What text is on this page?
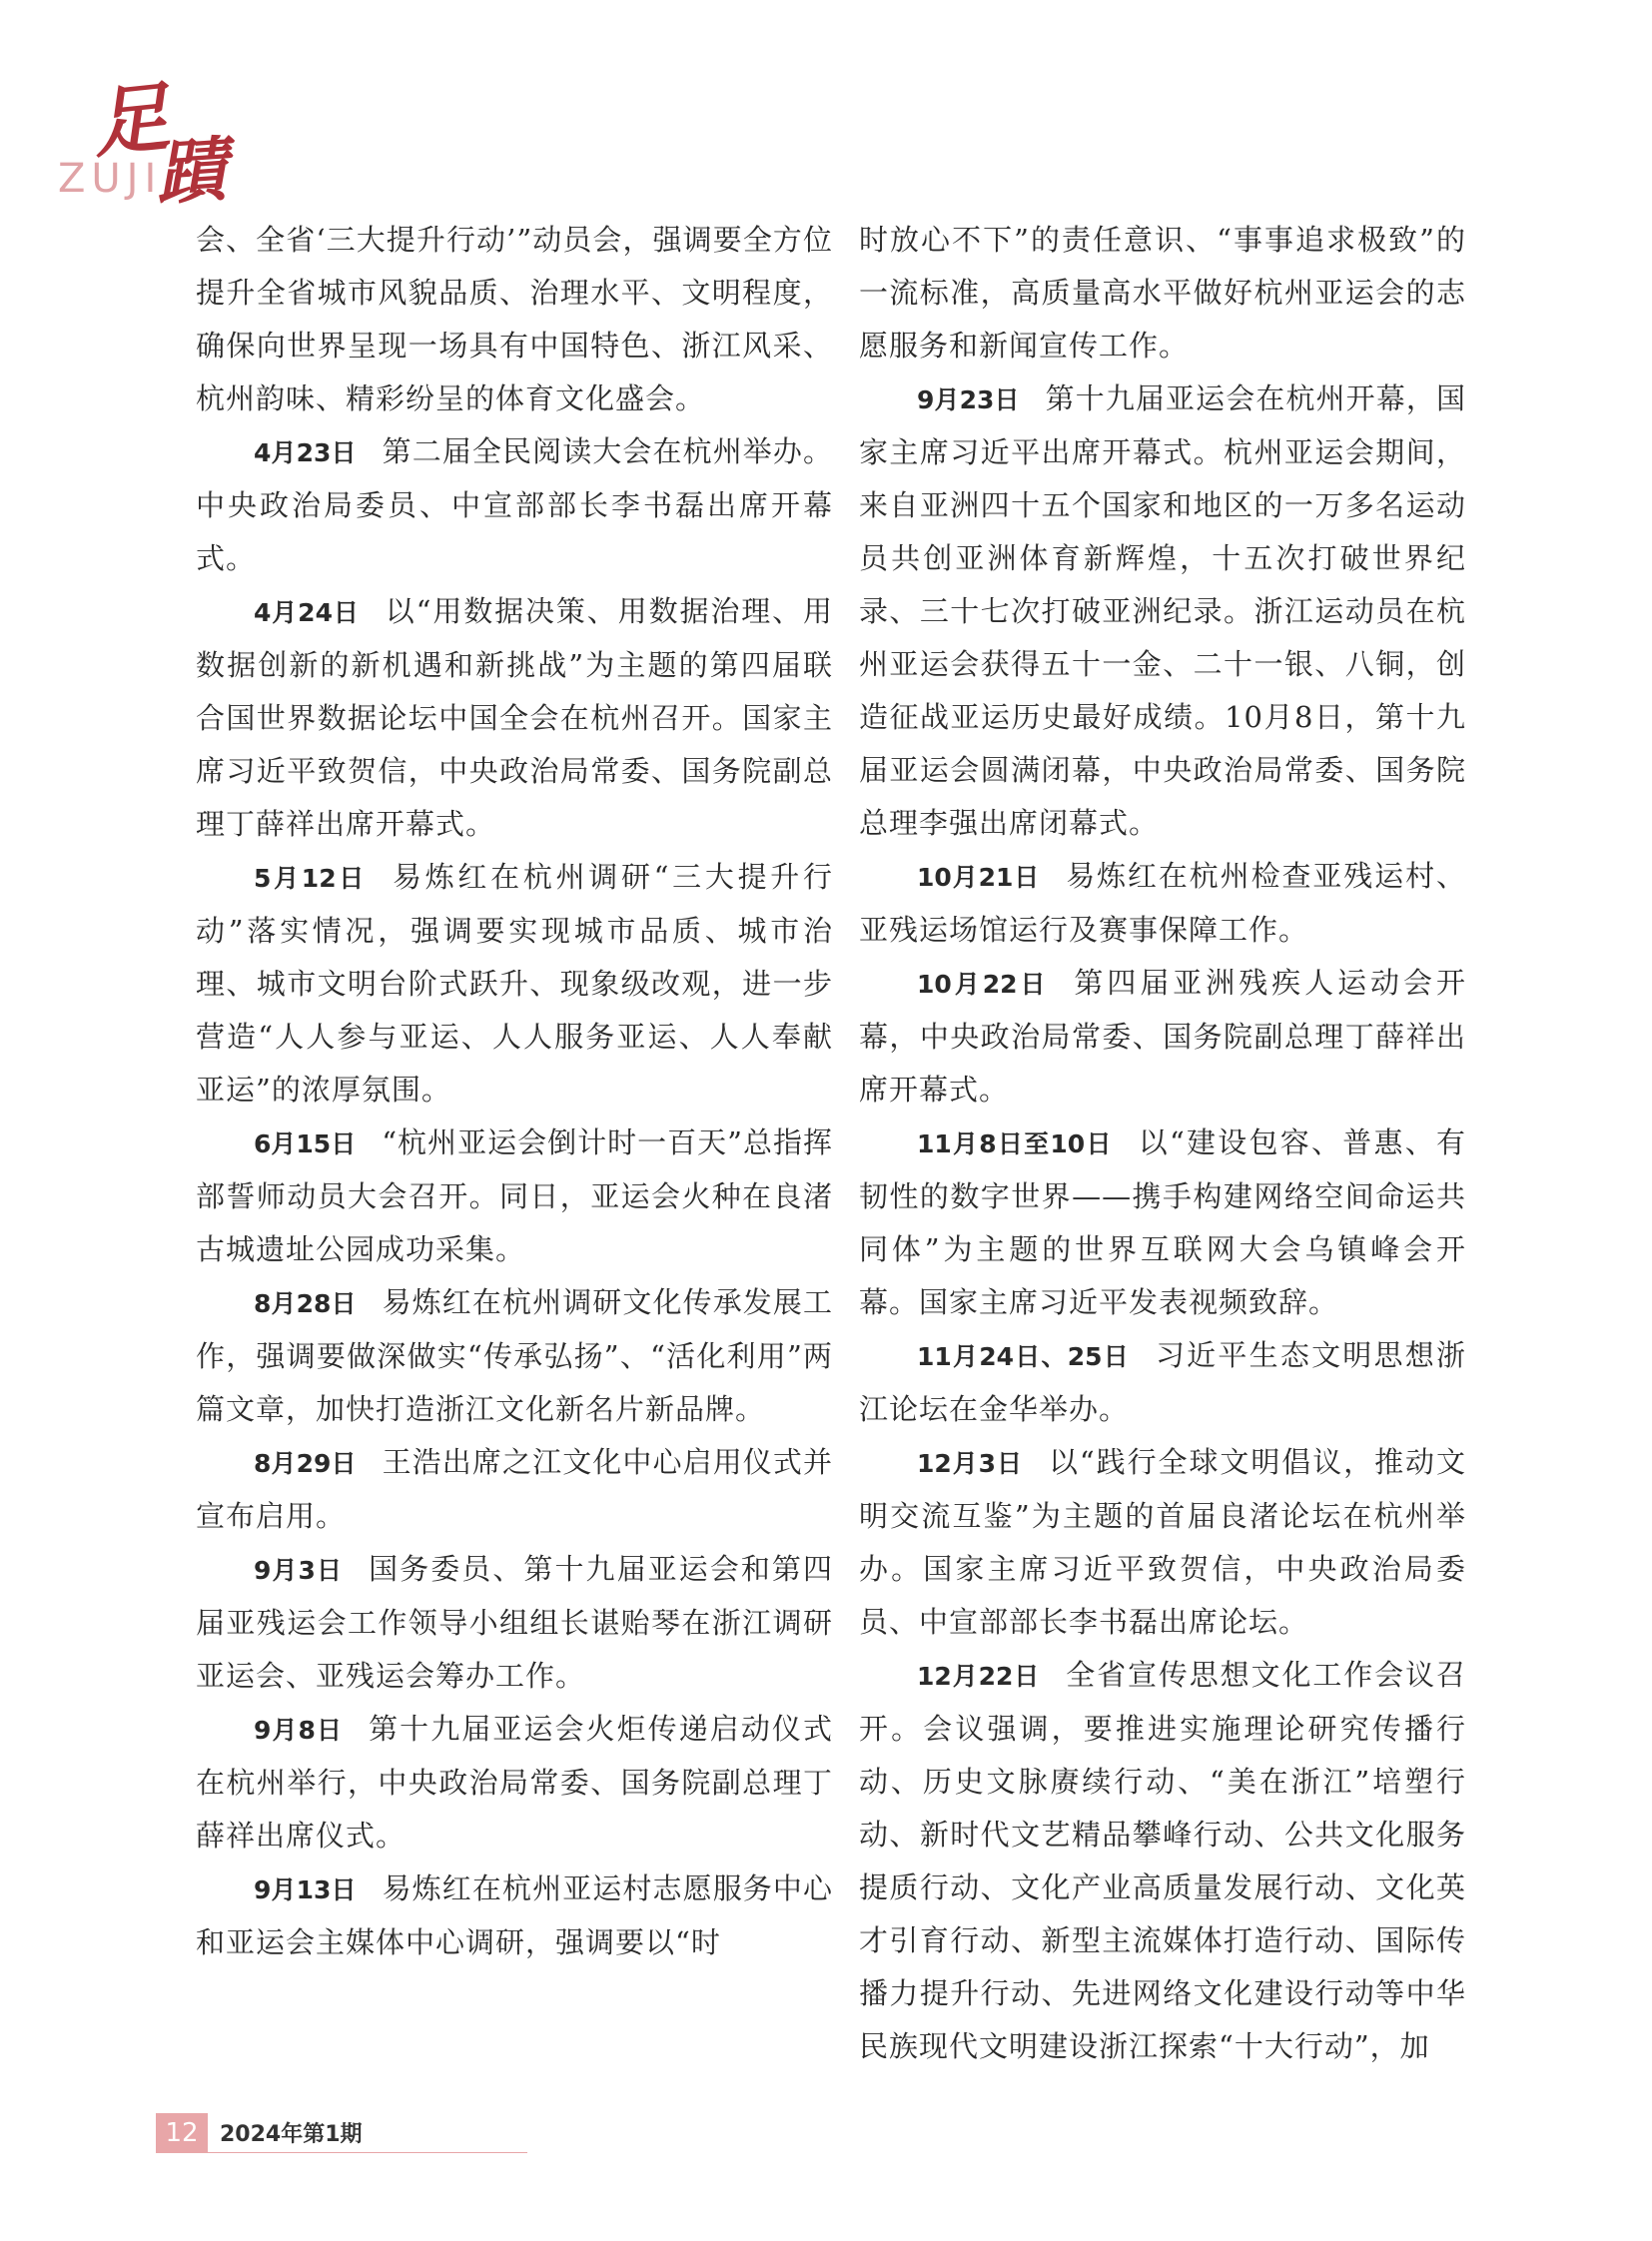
足
蹟
ZUJI

会、全省‘三大提升行动’”动员会，强调要全方位提升全省城市风貌品质、治理水平、文明程度，确保向世界呈现一场具有中国特色、浙江风采、杭州韵味、精彩纷呈的体育文化盛会。

4月23日 第二届全民阅读大会在杭州举办。中央政治局委员、中宣部部长李书磊出席开幕式。

4月24日 以“用数据决策、用数据治理、用数据创新的新机遇和新挑战”为主题的第四届联合国世界数据论坛中国全会在杭州召开。国家主席习近平致贺信，中央政治局常委、国务院副总理丁薛祥出席开幕式。

5月12日 易炼红在杭州调研“三大提升行动”落实情况，强调要实现城市品质、城市治理、城市文明台阶式跃升、现象级改观，进一步营造“人人参与亚运、人人服务亚运、人人奉献亚运”的浓厚氛围。

6月15日 “杭州亚运会倒计时一百天”总指挥部誓师动员大会召开。同日，亚运会火种在良渚古城遗址公园成功采集。

8月28日 易炼红在杭州调研文化传承发展工作，强调要做深做实“传承弘扬”、“活化利用”两篇文章，加快打造浙江文化新名片新品牌。

8月29日 王浩出席之江文化中心启用仪式并宣布启用。

9月3日 国务委员、第十九届亚运会和第四届亚残运会工作领导小组组长谌贻琴在浙江调研亚运会、亚残运会筹办工作。

9月8日 第十九届亚运会火炬传递启动仪式在杭州举行，中央政治局常委、国务院副总理丁薛祥出席仪式。

9月13日 易炼红在杭州亚运村志愿服务中心和亚运会主媒体中心调研，强调要以“时

时放心不下”的责任意识、“事事追求极致”的一流标准，高质量高水平做好杭州亚运会的志愿服务和新闻宣传工作。

9月23日 第十九届亚运会在杭州开幕，国家主席习近平出席开幕式。杭州亚运会期间，来自亚洲四十五个国家和地区的一万多名运动员共创亚洲体育新辉煌，十五次打破世界纪录、三十七次打破亚洲纪录。浙江运动员在杭州亚运会获得五十一金、二十一银、八铜，创造征战亚运历史最好成绩。10月8日，第十九届亚运会圆满闭幕，中央政治局常委、国务院总理李强出席闭幕式。

10月21日 易炼红在杭州检查亚残运村、亚残运场馆运行及赛事保障工作。

10月22日 第四届亚洲残疾人运动会开幕，中央政治局常委、国务院副总理丁薛祥出席开幕式。

11月8日至10日 以“建设包容、普惠、有韧性的数字世界——携手构建网络空间命运共同体”为主题的世界互联网大会乌镇峰会开幕。国家主席习近平发表视频致辞。

11月24日、25日 习近平生态文明思想浙江论坛在金华举办。

12月3日 以“践行全球文明倡议，推动文明交流互鉴”为主题的首届良渚论坛在杭州举办。国家主席习近平致贺信，中央政治局委员、中宣部部长李书磊出席论坛。

12月22日 全省宣传思想文化工作会议召开。会议强调，要推进实施理论研究传播行动、历史文脉赓续行动、“美在浙江”培塑行动、新时代文艺精品攀峰行动、公共文化服务提质行动、文化产业高质量发展行动、文化英才引育行动、新型主流媒体打造行动、国际传播力提升行动、先进网络文化建设行动等中华民族现代文明建设浙江探索“十大行动”，加

12 2024年第1期
